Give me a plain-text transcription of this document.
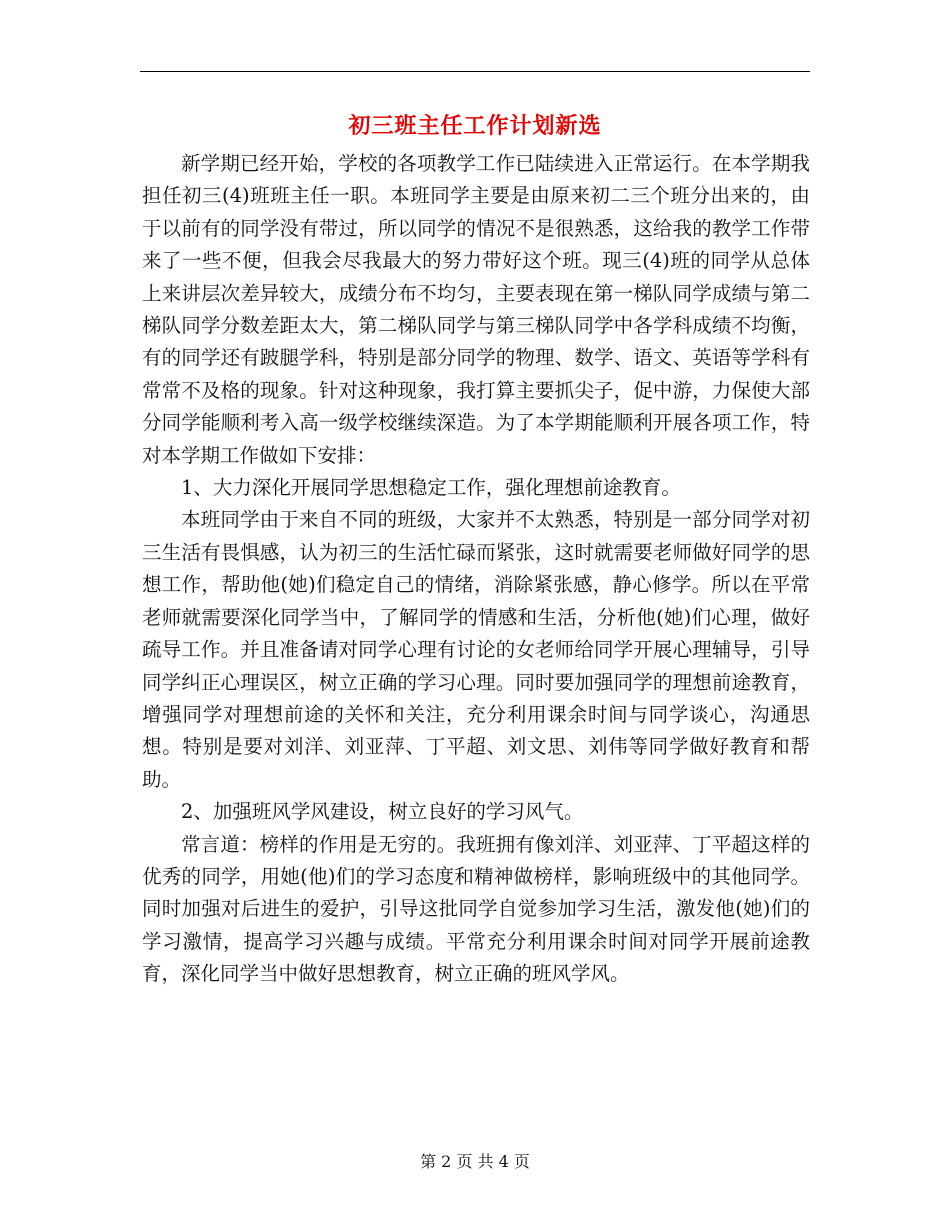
初三班主任工作计划新选

新学期已经开始，学校的各项教学工作已陆续进入正常运行。在本学期我担任初三(4)班班主任一职。本班同学主要是由原来初二三个班分出来的，由于以前有的同学没有带过，所以同学的情况不是很熟悉，这给我的教学工作带来了一些不便，但我会尽我最大的努力带好这个班。现三(4)班的同学从总体上来讲层次差异较大，成绩分布不均匀，主要表现在第一梯队同学成绩与第二梯队同学分数差距太大，第二梯队同学与第三梯队同学中各学科成绩不均衡，有的同学还有跛腿学科，特别是部分同学的物理、数学、语文、英语等学科有常常不及格的现象。针对这种现象，我打算主要抓尖子，促中游，力保使大部分同学能顺利考入高一级学校继续深造。为了本学期能顺利开展各项工作，特对本学期工作做如下安排：

1、大力深化开展同学思想稳定工作，强化理想前途教育。

本班同学由于来自不同的班级，大家并不太熟悉，特别是一部分同学对初三生活有畏惧感，认为初三的生活忙碌而紧张，这时就需要老师做好同学的思想工作，帮助他(她)们稳定自己的情绪，消除紧张感，静心修学。所以在平常老师就需要深化同学当中，了解同学的情感和生活，分析他(她)们心理，做好疏导工作。并且准备请对同学心理有讨论的女老师给同学开展心理辅导，引导同学纠正心理误区，树立正确的学习心理。同时要加强同学的理想前途教育，增强同学对理想前途的关怀和关注，充分利用课余时间与同学谈心，沟通思想。特别是要对刘洋、刘亚萍、丁平超、刘文思、刘伟等同学做好教育和帮助。

2、加强班风学风建设，树立良好的学习风气。

常言道：榜样的作用是无穷的。我班拥有像刘洋、刘亚萍、丁平超这样的优秀的同学，用她(他)们的学习态度和精神做榜样，影响班级中的其他同学。同时加强对后进生的爱护，引导这批同学自觉参加学习生活，激发他(她)们的学习激情，提高学习兴趣与成绩。平常充分利用课余时间对同学开展前途教育，深化同学当中做好思想教育，树立正确的班风学风。

第 2 页 共 4 页
